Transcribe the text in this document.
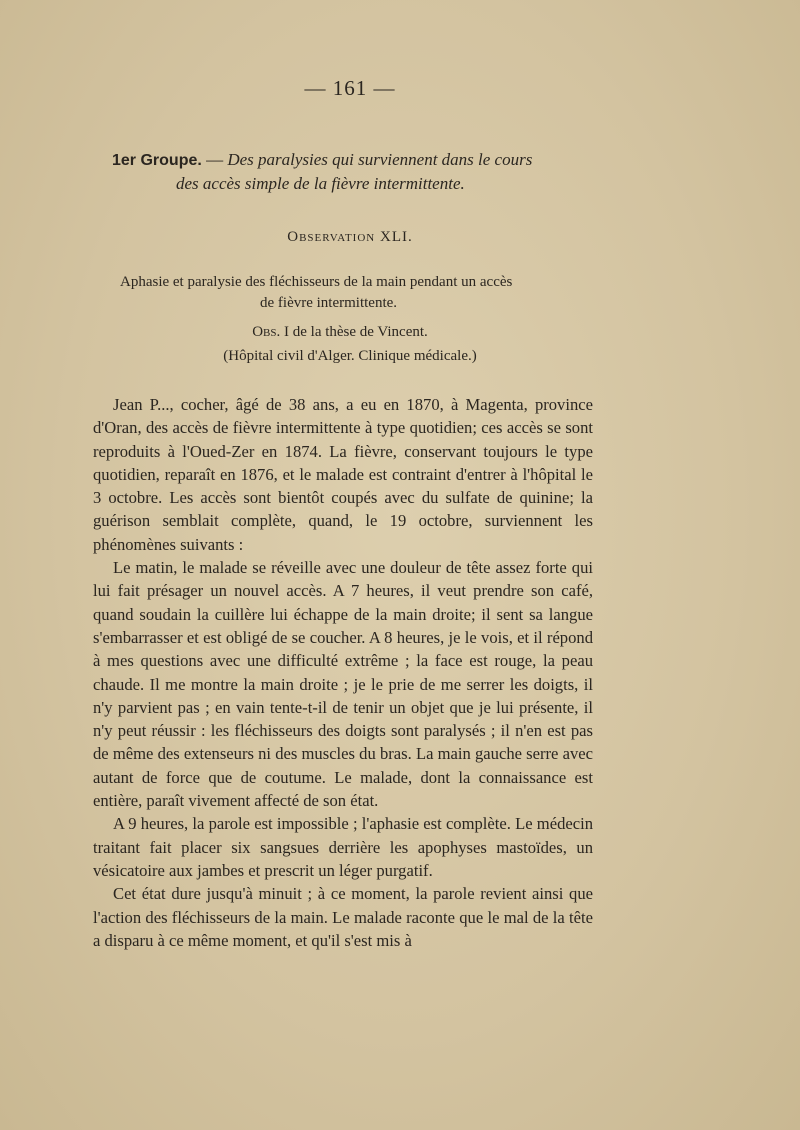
— 161 —
1er Groupe. — Des paralysies qui surviennent dans le cours
des accès simple de la fièvre intermittente.
Observation XLI.
Aphasie et paralysie des fléchisseurs de la main pendant un accès
de fièvre intermittente.
Obs. I de la thèse de Vincent.
(Hôpital civil d'Alger. Clinique médicale.)

Jean P..., cocher, âgé de 38 ans, a eu en 1870, à Magenta, province d'Oran, des accès de fièvre intermittente à type quotidien; ces accès se sont reproduits à l'Oued-Zer en 1874. La fièvre, conservant toujours le type quotidien, reparaît en 1876, et le malade est contraint d'entrer à l'hôpital le 3 octobre. Les accès sont bientôt coupés avec du sulfate de quinine; la guérison semblait complète, quand, le 19 octobre, surviennent les phénomènes suivants :

Le matin, le malade se réveille avec une douleur de tête assez forte qui lui fait présager un nouvel accès. A 7 heures, il veut prendre son café, quand soudain la cuillère lui échappe de la main droite; il sent sa langue s'embarrasser et est obligé de se coucher. A 8 heures, je le vois, et il répond à mes questions avec une difficulté extrême ; la face est rouge, la peau chaude. Il me montre la main droite ; je le prie de me serrer les doigts, il n'y parvient pas ; en vain tente-t-il de tenir un objet que je lui présente, il n'y peut réussir : les fléchisseurs des doigts sont paralysés ; il n'en est pas de même des extenseurs ni des muscles du bras. La main gauche serre avec autant de force que de coutume. Le malade, dont la connaissance est entière, paraît vivement affecté de son état.

A 9 heures, la parole est impossible ; l'aphasie est complète. Le médecin traitant fait placer six sangsues derrière les apophyses mastoïdes, un vésicatoire aux jambes et prescrit un léger purgatif.

Cet état dure jusqu'à minuit ; à ce moment, la parole revient ainsi que l'action des fléchisseurs de la main. Le malade raconte que le mal de la tête a disparu à ce même moment, et qu'il s'est mis à
